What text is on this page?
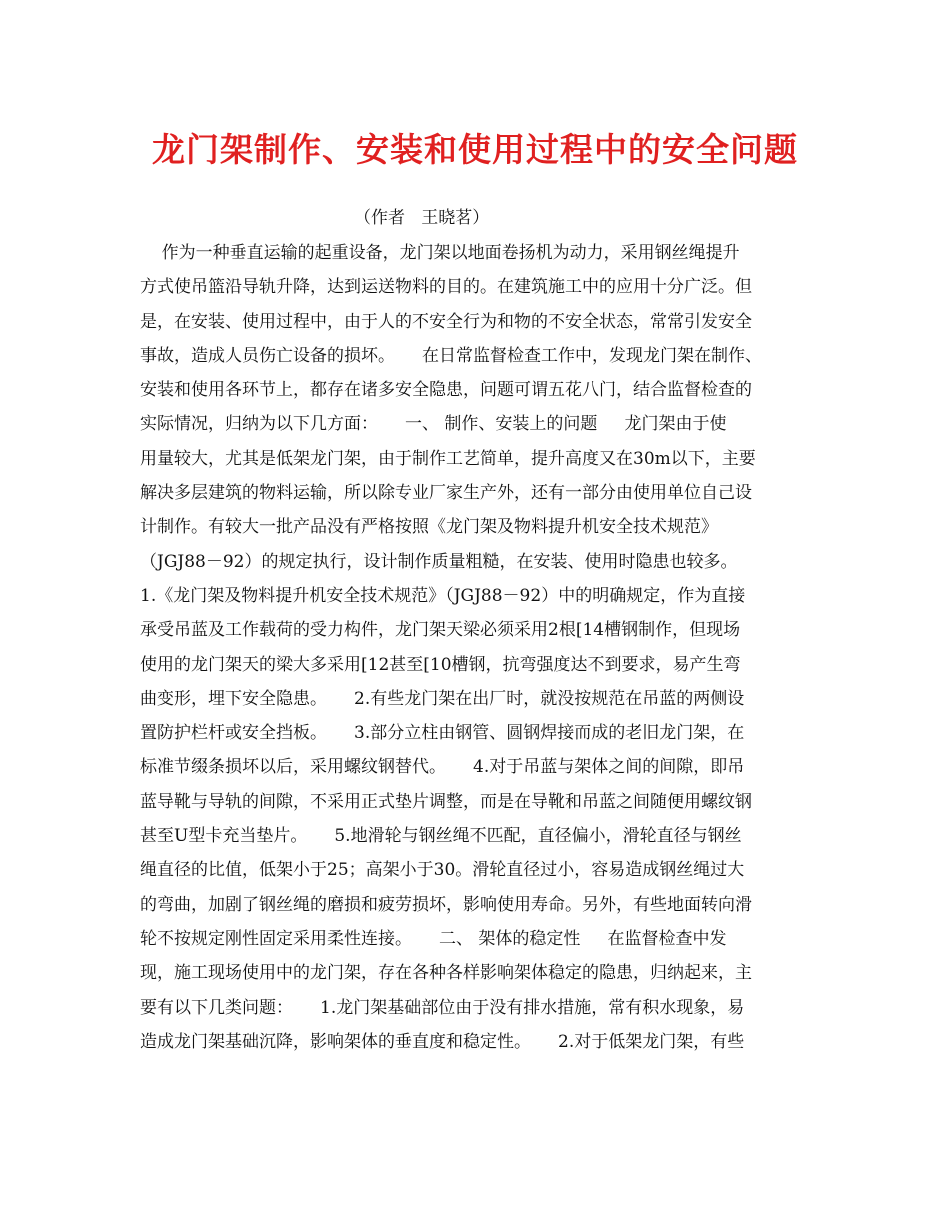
龙门架制作、安装和使用过程中的安全问题
（作者   王晓茗）
作为一种垂直运输的起重设备，龙门架以地面卷扬机为动力，采用钢丝绳提升
方式使吊篮沿导轨升降，达到运送物料的目的。在建筑施工中的应用十分广泛。但
是，在安装、使用过程中，由于人的不安全行为和物的不安全状态，常常引发安全
事故，造成人员伤亡设备的损坏。     在日常监督检查工作中，发现龙门架在制作、
安装和使用各环节上，都存在诸多安全隐患，问题可谓五花八门，结合监督检查的
实际情况，归纳为以下几方面：     一、 制作、安装上的问题     龙门架由于使
用量较大，尤其是低架龙门架，由于制作工艺简单，提升高度又在30m以下，主要
解决多层建筑的物料运输，所以除专业厂家生产外，还有一部分由使用单位自己设
计制作。有较大一批产品没有严格按照《龙门架及物料提升机安全技术规范》
（JGJ88－92）的规定执行，设计制作质量粗糙，在安装、使用时隐患也较多。
1.《龙门架及物料提升机安全技术规范》（JGJ88－92）中的明确规定，作为直接
承受吊蓝及工作载荷的受力构件，龙门架天梁必须采用2根[14槽钢制作，但现场
使用的龙门架天的梁大多采用[12甚至[10槽钢，抗弯强度达不到要求，易产生弯
曲变形，埋下安全隐患。     2.有些龙门架在出厂时，就没按规范在吊蓝的两侧设
置防护栏杆或安全挡板。     3.部分立柱由钢管、圆钢焊接而成的老旧龙门架，在
标准节缀条损坏以后，采用螺纹钢替代。     4.对于吊蓝与架体之间的间隙，即吊
蓝导靴与导轨的间隙，不采用正式垫片调整，而是在导靴和吊蓝之间随便用螺纹钢
甚至U型卡充当垫片。     5.地滑轮与钢丝绳不匹配，直径偏小，滑轮直径与钢丝
绳直径的比值，低架小于25；高架小于30。滑轮直径过小，容易造成钢丝绳过大
的弯曲，加剧了钢丝绳的磨损和疲劳损坏，影响使用寿命。另外，有些地面转向滑
轮不按规定刚性固定采用柔性连接。     二、 架体的稳定性     在监督检查中发
现，施工现场使用中的龙门架，存在各种各样影响架体稳定的隐患，归纳起来，主
要有以下几类问题：     1.龙门架基础部位由于没有排水措施，常有积水现象，易
造成龙门架基础沉降，影响架体的垂直度和稳定性。     2.对于低架龙门架，有些
